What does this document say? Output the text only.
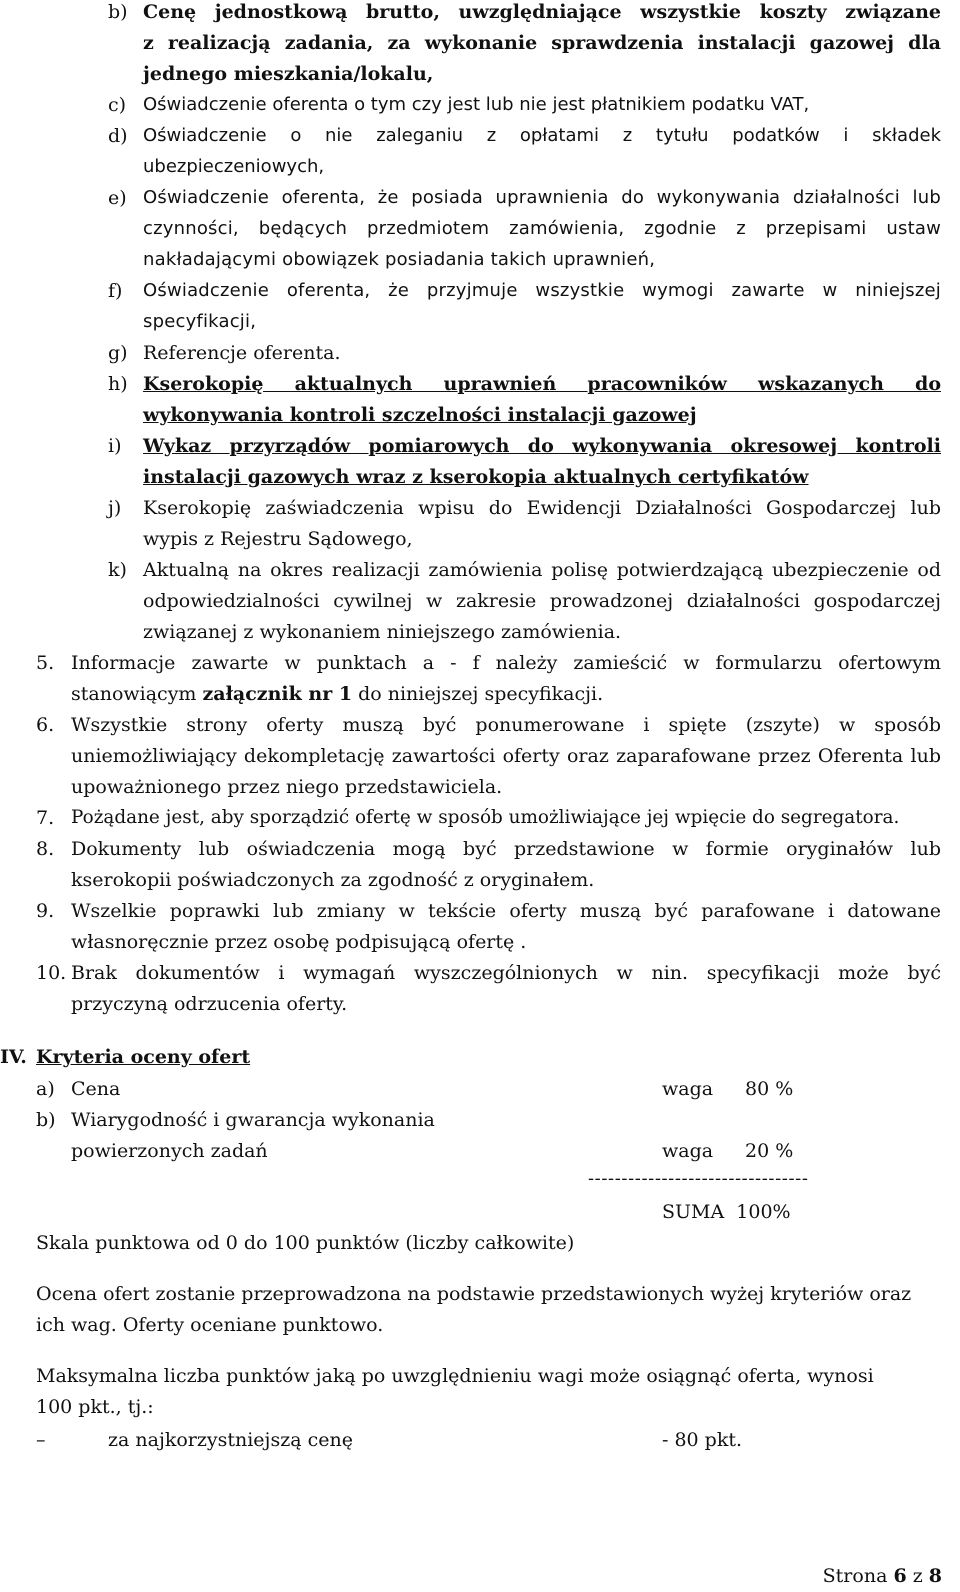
b) Cenę jednostkową brutto, uwzględniające wszystkie koszty związane
z realizacją zadania, za wykonanie sprawdzenia instalacji gazowej dla
jednego mieszkania/lokalu,
c) Oświadczenie oferenta o tym czy jest lub nie jest płatnikiem podatku VAT,
d) Oświadczenie o nie zaleganiu z opłatami z tytułu podatków i składek
ubezpieczeniowych,
e) Oświadczenie oferenta, że posiada uprawnienia do wykonywania działalności lub
czynności, będących przedmiotem zamówienia, zgodnie z przepisami ustaw
nakładającymi obowiązek posiadania takich uprawnień,
f) Oświadczenie oferenta, że przyjmuje wszystkie wymogi zawarte w niniejszej
specyfikacji,
g) Referencje oferenta.
h) Kserokopię aktualnych uprawnień pracowników wskazanych do
wykonywania kontroli szczelności instalacji gazowej
i) Wykaz przyrządów pomiarowych do wykonywania okresowej kontroli
instalacji gazowych wraz z kserokopia aktualnych certyfikatów
j) Kserokopię zaświadczenia wpisu do Ewidencji Działalności Gospodarczej lub
wypis z Rejestru Sądowego,
k) Aktualną na okres realizacji zamówienia polisę potwierdzającą ubezpieczenie od
odpowiedzialności cywilnej w zakresie prowadzonej działalności gospodarczej
związanej z wykonaniem niniejszego zamówienia.
5. Informacje zawarte w punktach a - f należy zamieścić w formularzu ofertowym
stanowiącym załącznik nr 1 do niniejszej specyfikacji.
6. Wszystkie strony oferty muszą być ponumerowane i spięte (zszyte) w sposób
uniemożliwiający dekompletację zawartości oferty oraz zaparafowane przez Oferenta lub
upoważnionego przez niego przedstawiciela.
7. Pożądane jest, aby sporządzić ofertę w sposób umożliwiające jej wpięcie do segregatora.
8. Dokumenty lub oświadczenia mogą być przedstawione w formie oryginałów lub
kserokopii poświadczonych za zgodność z oryginałem.
9. Wszelkie poprawki lub zmiany w tekście oferty muszą być parafowane i datowane
własnoręcznie przez osobę podpisującą ofertę .
10. Brak dokumentów i wymagań wyszczególnionych w nin. specyfikacji może być
przyczyną odrzucenia oferty.
IV. Kryteria oceny ofert
a) Cena	waga 80 %
b) Wiarygodność i gwarancja wykonania
powierzonych zadań	waga 20 %
---------------------------------
SUMA  100%
Skala punktowa od 0 do 100 punktów (liczby całkowite)
Ocena ofert zostanie przeprowadzona na podstawie przedstawionych wyżej kryteriów oraz
ich wag. Oferty oceniane punktowo.
Maksymalna liczba punktów jaką po uwzględnieniu wagi może osiągnąć oferta, wynosi
100 pkt., tj.:
–	za najkorzystniejszą cenę	- 80 pkt.
Strona 6 z 8
